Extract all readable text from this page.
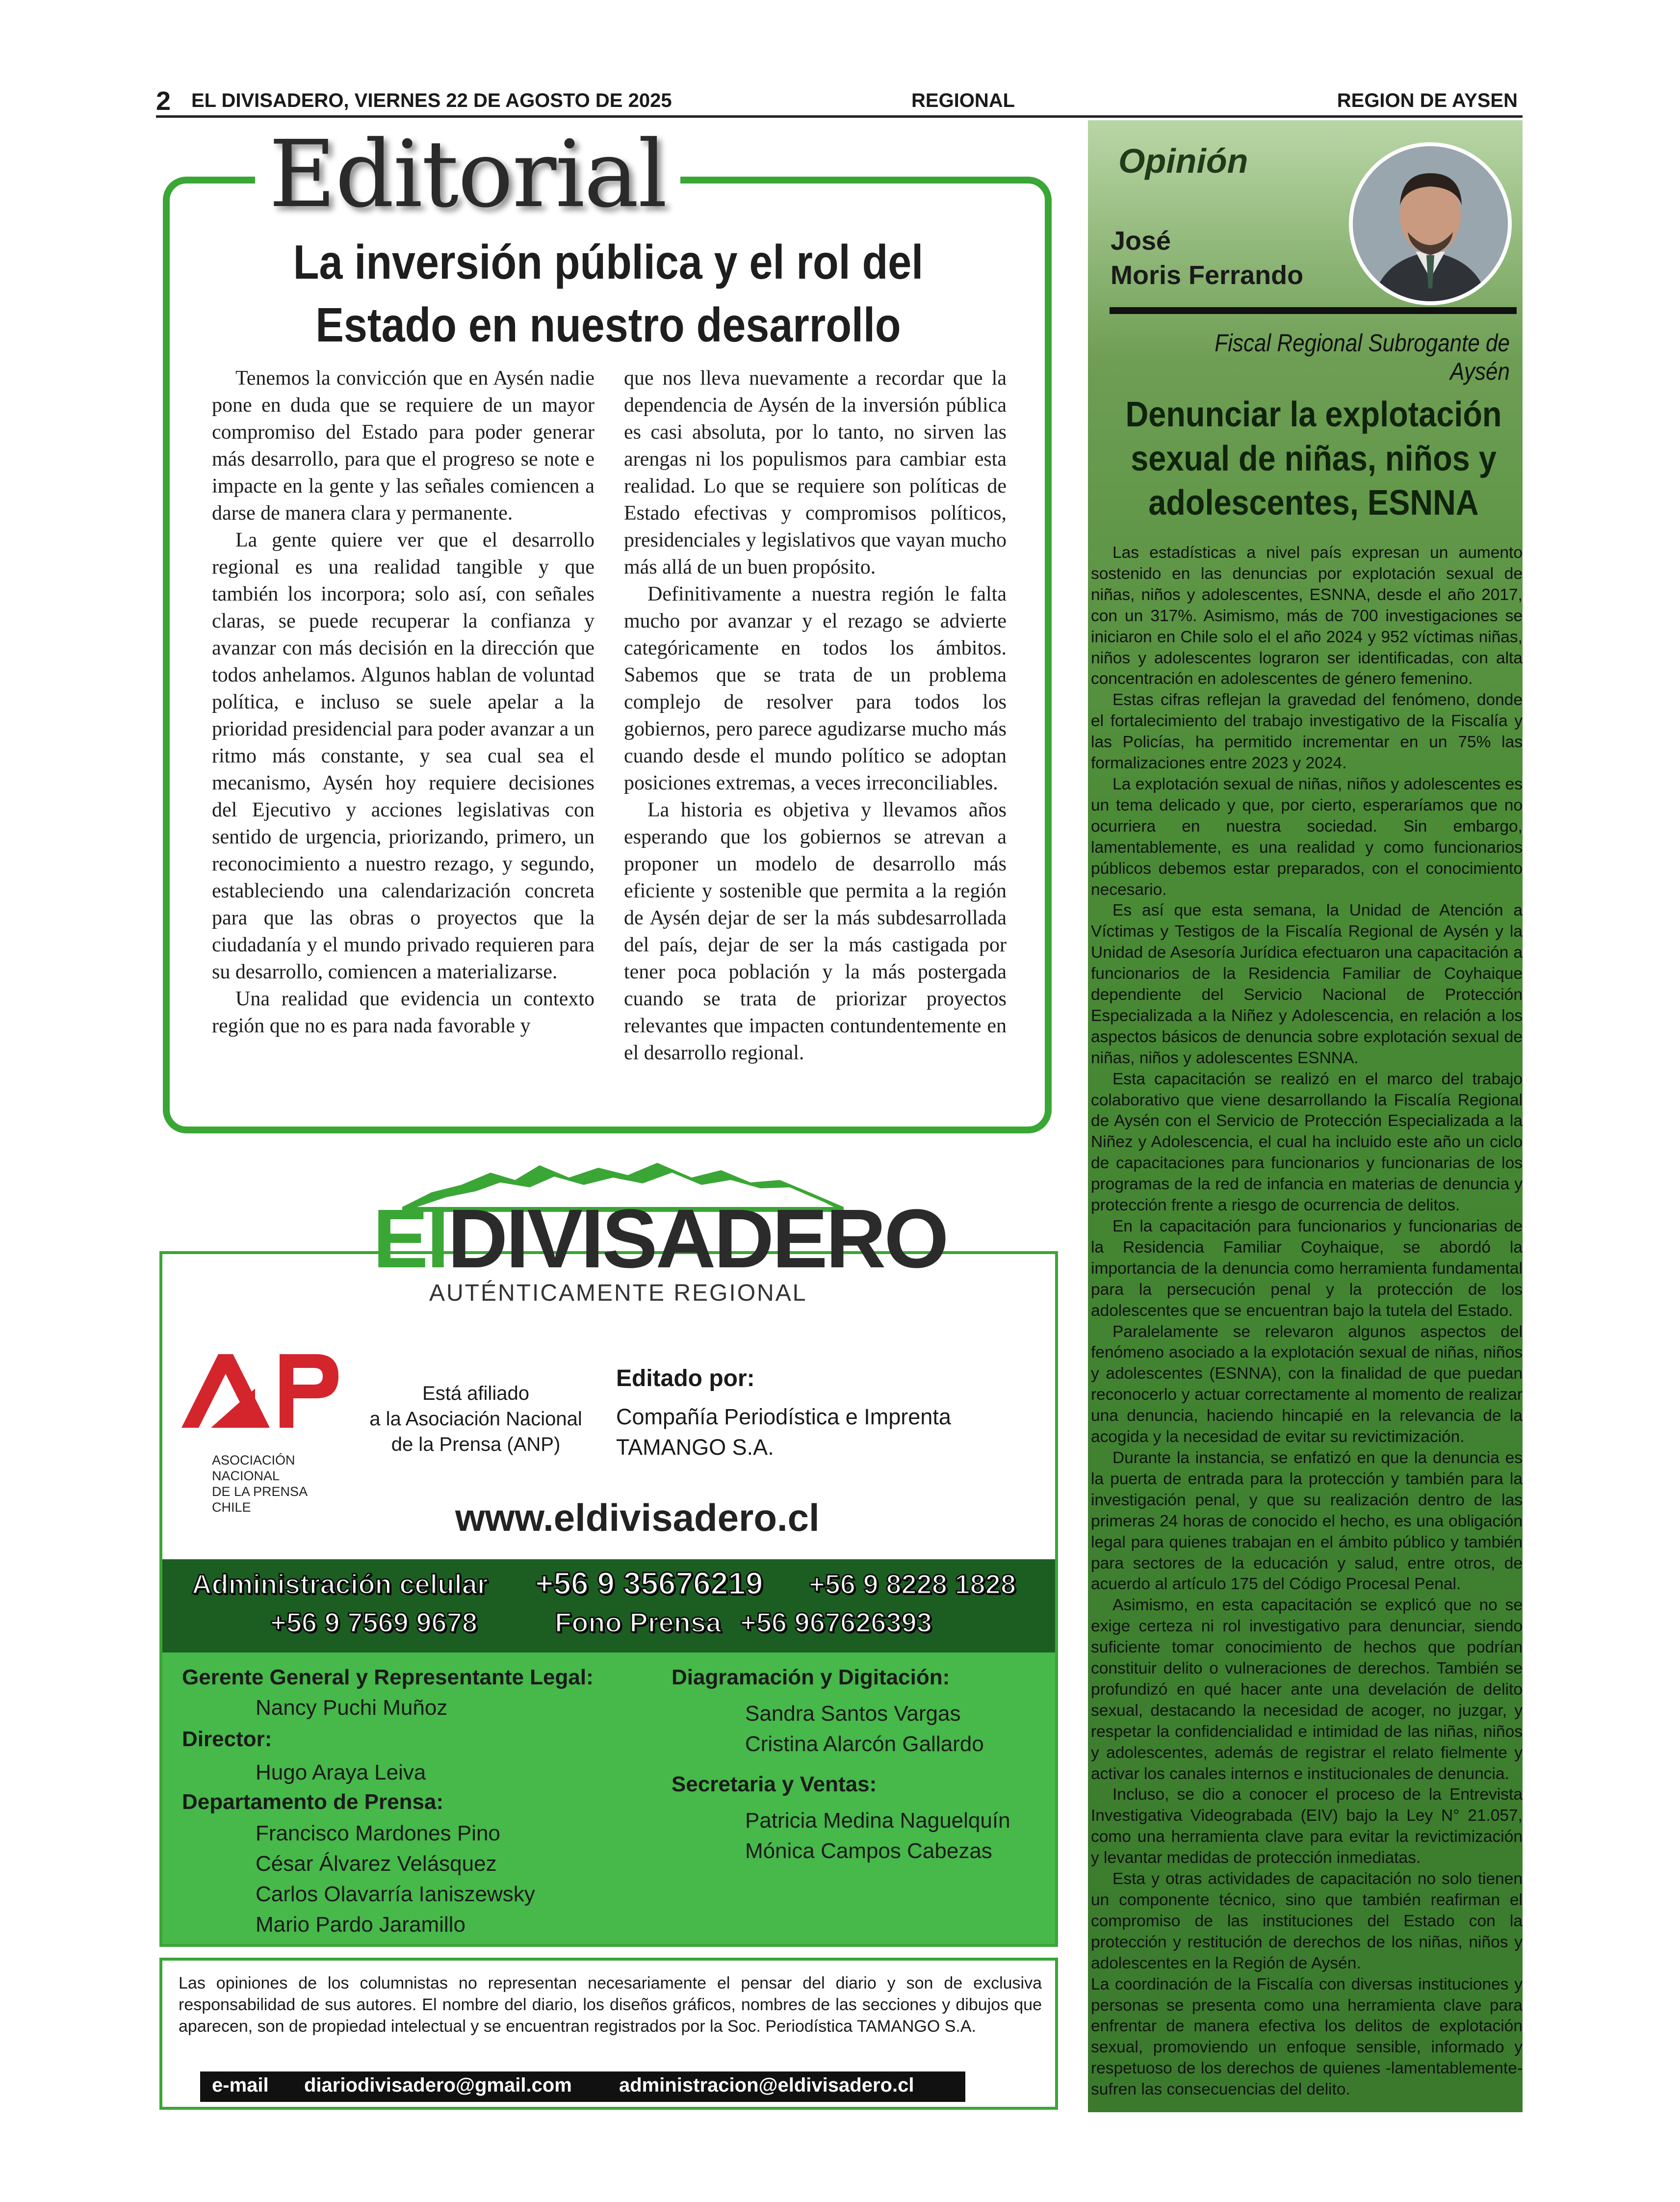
2 EL DIVISADERO, VIERNES 22 DE AGOSTO DE 2025	REGIONAL	REGION DE AYSEN
Editorial
La inversión pública y el rol del
Estado en nuestro desarrollo

Tenemos la convicción que en Aysén nadie pone en duda que se requiere de un mayor compromiso del Estado para poder generar más desarrollo, para que el progreso se note e impacte en la gente y las señales comiencen a darse de manera clara y permanente.

La gente quiere ver que el desarrollo regional es una realidad tangible y que también los incorpora; solo así, con señales claras, se puede recuperar la confianza y avanzar con más decisión en la dirección que todos anhelamos. Algunos hablan de voluntad política, e incluso se suele apelar a la prioridad presidencial para poder avanzar a un ritmo más constante, y sea cual sea el mecanismo, Aysén hoy requiere decisiones del Ejecutivo y acciones legislativas con sentido de urgencia, priorizando, primero, un reconocimiento a nuestro rezago, y segundo, estableciendo una calendarización concreta para que las obras o proyectos que la ciudadanía y el mundo privado requieren para su desarrollo, comiencen a materializarse.

Una realidad que evidencia un contexto región que no es para nada favorable y

que nos lleva nuevamente a recordar que la dependencia de Aysén de la inversión pública es casi absoluta, por lo tanto, no sirven las arengas ni los populismos para cambiar esta realidad. Lo que se requiere son políticas de Estado efectivas y compromisos políticos, presidenciales y legislativos que vayan mucho más allá de un buen propósito.

Definitivamente a nuestra región le falta mucho por avanzar y el rezago se advierte categóricamente en todos los ámbitos. Sabemos que se trata de un problema complejo de resolver para todos los gobiernos, pero parece agudizarse mucho más cuando desde el mundo político se adoptan posiciones extremas, a veces irreconciliables.

La historia es objetiva y llevamos años esperando que los gobiernos se atrevan a proponer un modelo de desarrollo más eficiente y sostenible que permita a la región de Aysén dejar de ser la más subdesarrollada del país, dejar de ser la más castigada por tener poca población y la más postergada cuando se trata de priorizar proyectos relevantes que impacten contundentemente en el desarrollo regional.

ElDIVISADERO
AUTÉNTICAMENTE REGIONAL
ASOCIACIÓN
NACIONAL
DE LA PRENSA
CHILE
Está afiliado
a la Asociación Nacional
de la Prensa (ANP)
Editado por:
Compañía Periodística e Imprenta
TAMANGO S.A.
www.eldivisadero.cl
Administración celular +56 9 35676219 +56 9 8228 1828
+56 9 7569 9678	Fono Prensa +56 967626393
Gerente General y Representante Legal:
Nancy Puchi Muñoz
Director:
Hugo Araya Leiva
Departamento de Prensa:
Francisco Mardones Pino
César Álvarez Velásquez
Carlos Olavarría Ianiszewsky
Mario Pardo Jaramillo
Diagramación y Digitación:
Sandra Santos Vargas
Cristina Alarcón Gallardo
Secretaria y Ventas:
Patricia Medina Naguelquín
Mónica Campos Cabezas
Las opiniones de los columnistas no representan necesariamente el pensar del diario y son de exclusiva responsabilidad de sus autores. El nombre del diario, los diseños gráficos, nombres de las secciones y dibujos que aparecen, son de propiedad intelectual y se encuentran registrados por la Soc. Periodística TAMANGO S.A.
e-mail diariodivisadero@gmail.com administracion@eldivisadero.cl
Opinión
José
Moris Ferrando
Fiscal Regional Subrogante de Aysén
Denunciar la explotación
sexual de niñas, niños y
adolescentes, ESNNA

Las estadísticas a nivel país expresan un aumento sostenido en las denuncias por explotación sexual de niñas, niños y adolescentes, ESNNA, desde el año 2017, con un 317%. Asimismo, más de 700 investigaciones se iniciaron en Chile solo el el año 2024 y 952 víctimas niñas, niños y adolescentes lograron ser identificadas, con alta concentración en adolescentes de género femenino.

Estas cifras reflejan la gravedad del fenómeno, donde el fortalecimiento del trabajo investigativo de la Fiscalía y las Policías, ha permitido incrementar en un 75% las formalizaciones entre 2023 y 2024.

La explotación sexual de niñas, niños y adolescentes es un tema delicado y que, por cierto, esperaríamos que no ocurriera en nuestra sociedad. Sin embargo, lamentablemente, es una realidad y como funcionarios públicos debemos estar preparados, con el conocimiento necesario.

Es así que esta semana, la Unidad de Atención a Víctimas y Testigos de la Fiscalía Regional de Aysén y la Unidad de Asesoría Jurídica efectuaron una capacitación a funcionarios de la Residencia Familiar de Coyhaique dependiente del Servicio Nacional de Protección Especializada a la Niñez y Adolescencia, en relación a los aspectos básicos de denuncia sobre explotación sexual de niñas, niños y adolescentes ESNNA.

Esta capacitación se realizó en el marco del trabajo colaborativo que viene desarrollando la Fiscalía Regional de Aysén con el Servicio de Protección Especializada a la Niñez y Adolescencia, el cual ha incluido este año un ciclo de capacitaciones para funcionarios y funcionarias de los programas de la red de infancia en materias de denuncia y protección frente a riesgo de ocurrencia de delitos.

En la capacitación para funcionarios y funcionarias de la Residencia Familiar Coyhaique, se abordó la importancia de la denuncia como herramienta fundamental para la persecución penal y la protección de los adolescentes que se encuentran bajo la tutela del Estado.

Paralelamente se relevaron algunos aspectos del fenómeno asociado a la explotación sexual de niñas, niños y adolescentes (ESNNA), con la finalidad de que puedan reconocerlo y actuar correctamente al momento de realizar una denuncia, haciendo hincapié en la relevancia de la acogida y la necesidad de evitar su revictimización.

Durante la instancia, se enfatizó en que la denuncia es la puerta de entrada para la protección y también para la investigación penal, y que su realización dentro de las primeras 24 horas de conocido el hecho, es una obligación legal para quienes trabajan en el ámbito público y también para sectores de la educación y salud, entre otros, de acuerdo al artículo 175 del Código Procesal Penal.

Asimismo, en esta capacitación se explicó que no se exige certeza ni rol investigativo para denunciar, siendo suficiente tomar conocimiento de hechos que podrían constituir delito o vulneraciones de derechos. También se profundizó en qué hacer ante una develación de delito sexual, destacando la necesidad de acoger, no juzgar, y respetar la confidencialidad e intimidad de las niñas, niños y adolescentes, además de registrar el relato fielmente y activar los canales internos e institucionales de denuncia.

Incluso, se dio a conocer el proceso de la Entrevista Investigativa Videograbada (EIV) bajo la Ley N° 21.057, como una herramienta clave para evitar la revictimización y levantar medidas de protección inmediatas.

Esta y otras actividades de capacitación no solo tienen un componente técnico, sino que también reafirman el compromiso de las instituciones del Estado con la protección y restitución de derechos de los niñas, niños y adolescentes en la Región de Aysén.

La coordinación de la Fiscalía con diversas instituciones y personas se presenta como una herramienta clave para enfrentar de manera efectiva los delitos de explotación sexual, promoviendo un enfoque sensible, informado y respetuoso de los derechos de quienes -lamentablemente- sufren las consecuencias del delito.
